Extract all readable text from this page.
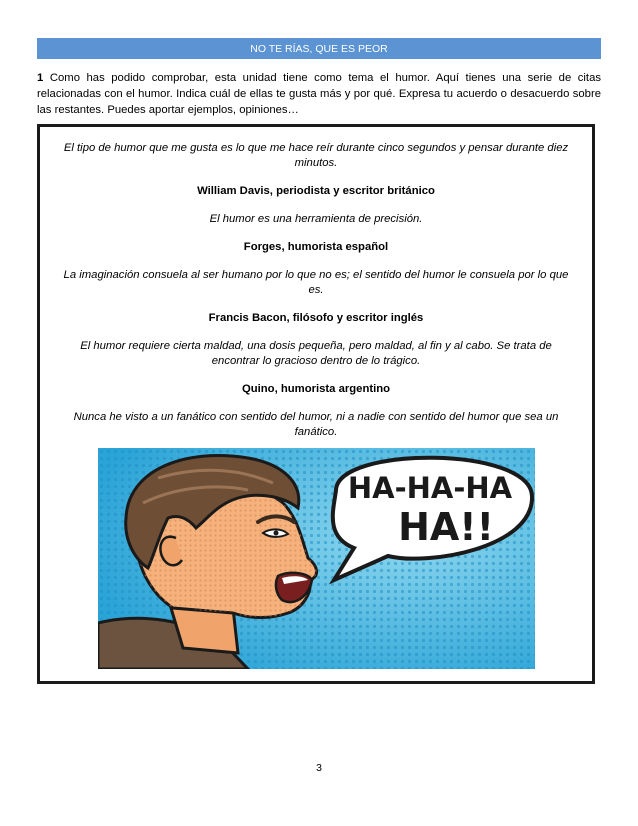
NO TE RÍAS, QUE ES PEOR
1 Como has podido comprobar, esta unidad tiene como tema el humor. Aquí tienes una serie de citas relacionadas con el humor. Indica cuál de ellas te gusta más y por qué. Expresa tu acuerdo o desacuerdo sobre las restantes. Puedes aportar ejemplos, opiniones…

El tipo de humor que me gusta es lo que me hace reír durante cinco segundos y pensar durante diez minutos.

William Davis, periodista y escritor británico

El humor es una herramienta de precisión.

Forges, humorista español

La imaginación consuela al ser humano por lo que no es; el sentido del humor le consuela por lo que es.

Francis Bacon, filósofo y escritor inglés

El humor requiere cierta maldad, una dosis pequeña, pero maldad, al fin y al cabo. Se trata de encontrar lo gracioso dentro de lo trágico.

Quino, humorista argentino

Nunca he visto a un fanático con sentido del humor, ni a nadie con sentido del humor que sea un fanático.

HA-HA-HA
HA!!
3
